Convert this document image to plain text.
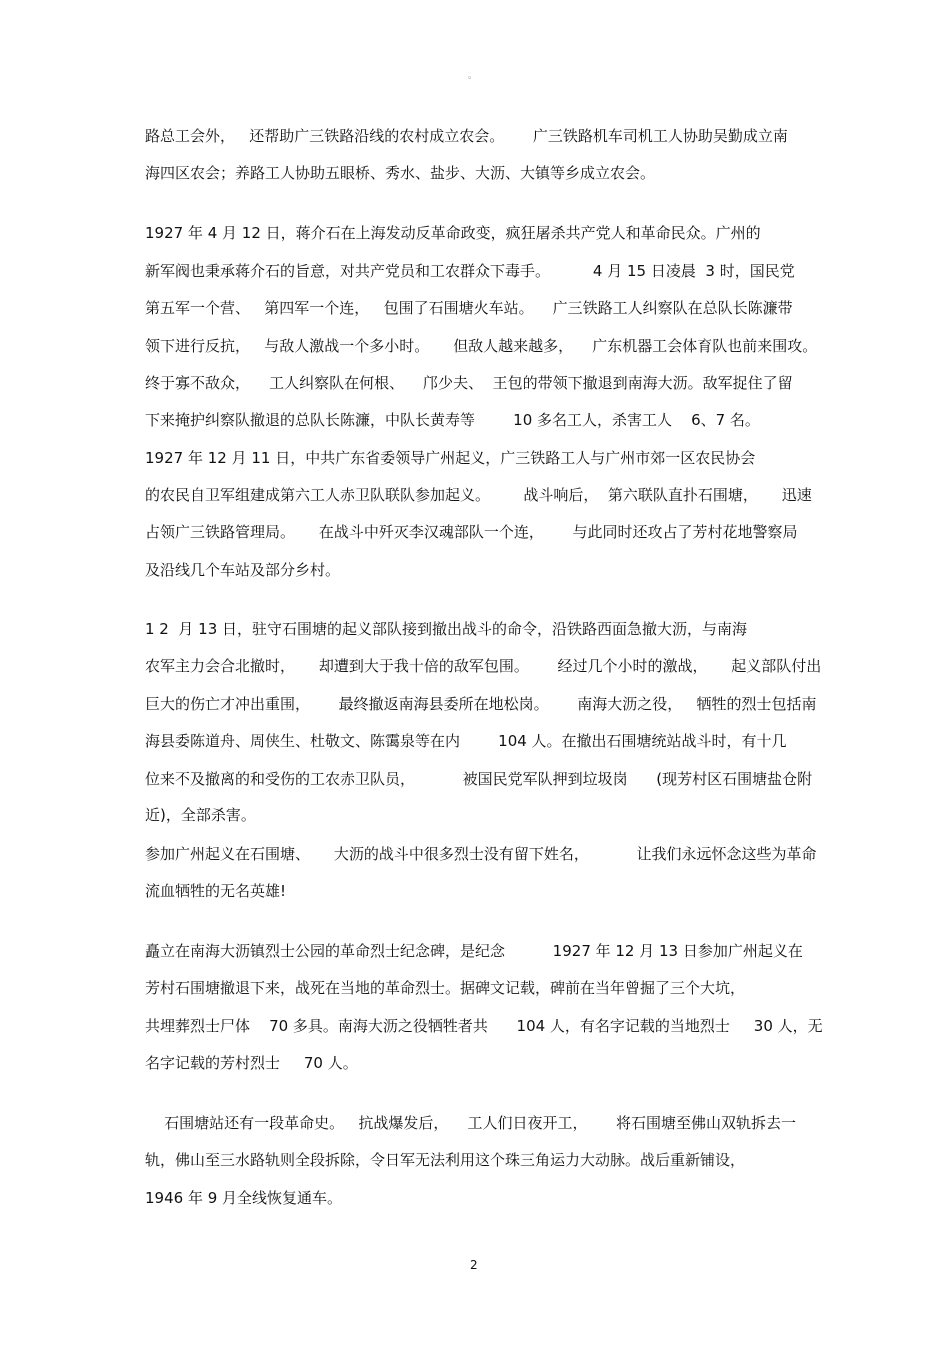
。
路总工会外，   还帮助广三铁路沿线的农村成立农会。      广三铁路机车司机工人协助吴勤成立南
海四区农会；养路工人协助五眼桥、秀水、盐步、大沥、大镇等乡成立农会。
1927 年 4 月 12 日，蒋介石在上海发动反革命政变，疯狂屠杀共产党人和革命民众。广州的
新军阀也秉承蒋介石的旨意，对共产党员和工农群众下毒手。         4 月 15 日凌晨  3 时，国民党
第五军一个营、   第四军一个连，   包围了石围塘火车站。    广三铁路工人纠察队在总队长陈濂带
领下进行反抗，   与敌人激战一个多小时。     但敌人越来越多，    广东机器工会体育队也前来围攻。
终于寡不敌众，    工人纠察队在何根、    邝少夫、  王包的带领下撤退到南海大沥。敌军捉住了留
下来掩护纠察队撤退的总队长陈濂，中队长黄寿等        10 多名工人，杀害工人    6、7 名。
1927 年 12 月 11 日，中共广东省委领导广州起义，广三铁路工人与广州市郊一区农民协会
的农民自卫军组建成第六工人赤卫队联队参加起义。       战斗响后，  第六联队直扑石围塘，     迅速
占领广三铁路管理局。     在战斗中歼灭李汉魂部队一个连，      与此同时还攻占了芳村花地警察局
及沿线几个车站及部分乡村。
1 2  月 13 日，驻守石围塘的起义部队接到撤出战斗的命令，沿铁路西面急撤大沥，与南海
农军主力会合北撤时，     却遭到大于我十倍的敌军包围。      经过几个小时的激战，     起义部队付出
巨大的伤亡才冲出重围，      最终撤返南海县委所在地松岗。      南海大沥之役，   牺牲的烈士包括南
海县委陈道舟、周侠生、杜敬文、陈霭泉等在内        104 人。在撤出石围塘统站战斗时，有十几
位来不及撤离的和受伤的工农赤卫队员，          被国民党军队押到垃圾岗      (现芳村区石围塘盐仓附
近)，全部杀害。
参加广州起义在石围塘、     大沥的战斗中很多烈士没有留下姓名，          让我们永远怀念这些为革命
流血牺牲的无名英雄!
矗立在南海大沥镇烈士公园的革命烈士纪念碑，是纪念          1927 年 12 月 13 日参加广州起义在
芳村石围塘撤退下来，战死在当地的革命烈士。据碑文记载，碑前在当年曾掘了三个大坑，
共埋葬烈士尸体    70 多具。南海大沥之役牺牲者共      104 人，有名字记载的当地烈士     30 人，无
名字记载的芳村烈士     70 人。
石围塘站还有一段革命史。   抗战爆发后，    工人们日夜开工，      将石围塘至佛山双轨拆去一
轨，佛山至三水路轨则全段拆除，令日军无法利用这个珠三角运力大动脉。战后重新铺设，
1946 年 9 月全线恢复通车。
2
